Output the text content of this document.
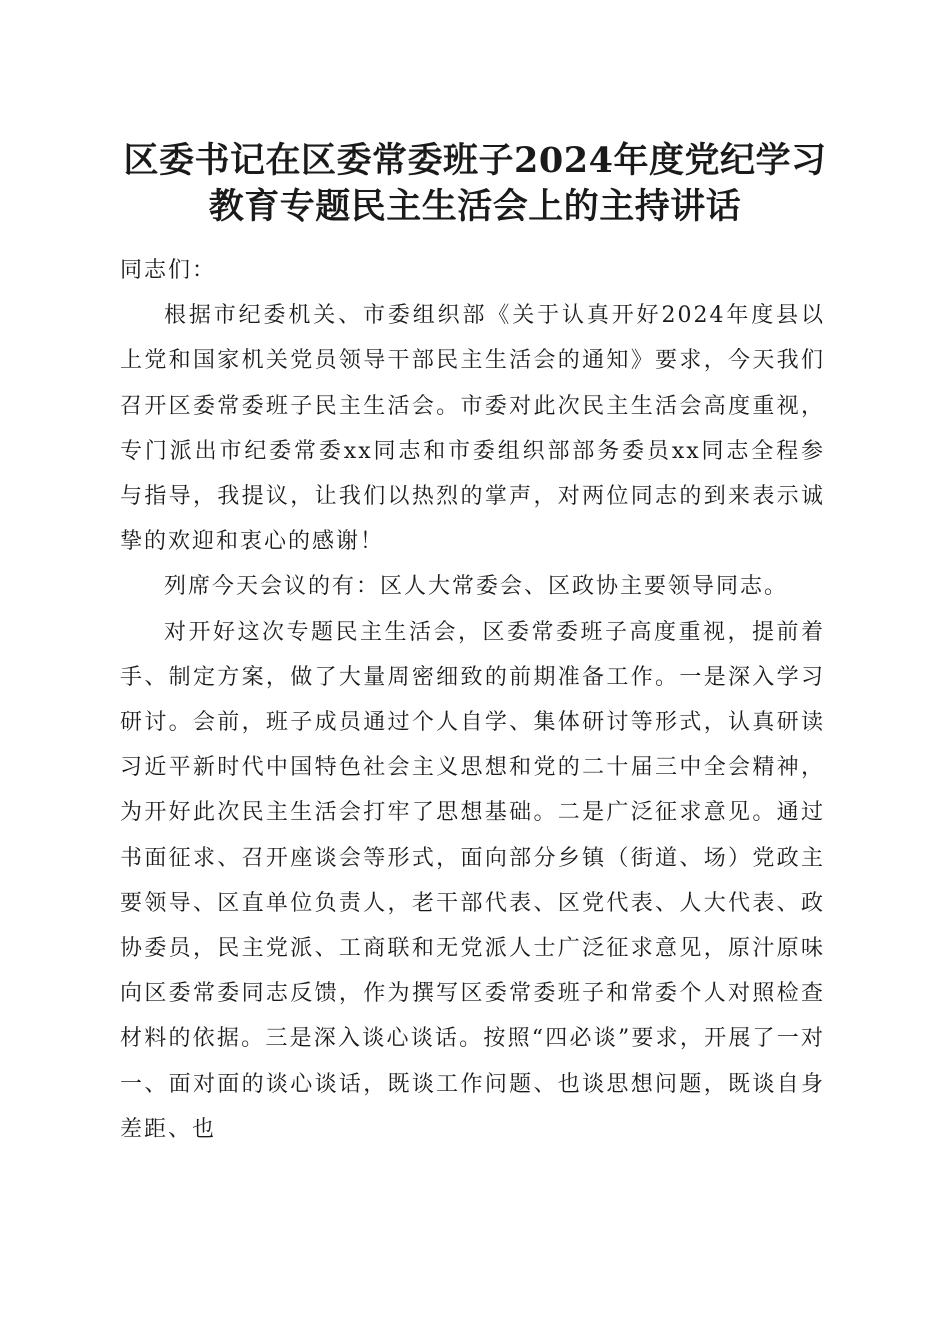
区委书记在区委常委班子2024年度党纪学习
教育专题民主生活会上的主持讲话

同志们：

根据市纪委机关、市委组织部《关于认真开好2024年度县以上党和国家机关党员领导干部民主生活会的通知》要求，今天我们召开区委常委班子民主生活会。市委对此次民主生活会高度重视，专门派出市纪委常委xx同志和市委组织部部务委员xx同志全程参与指导，我提议，让我们以热烈的掌声，对两位同志的到来表示诚挚的欢迎和衷心的感谢！

列席今天会议的有：区人大常委会、区政协主要领导同志。

对开好这次专题民主生活会，区委常委班子高度重视，提前着手、制定方案，做了大量周密细致的前期准备工作。一是深入学习研讨。会前，班子成员通过个人自学、集体研讨等形式，认真研读习近平新时代中国特色社会主义思想和党的二十届三中全会精神，为开好此次民主生活会打牢了思想基础。二是广泛征求意见。通过书面征求、召开座谈会等形式，面向部分乡镇（街道、场）党政主要领导、区直单位负责人，老干部代表、区党代表、人大代表、政协委员，民主党派、工商联和无党派人士广泛征求意见，原汁原味向区委常委同志反馈，作为撰写区委常委班子和常委个人对照检查材料的依据。三是深入谈心谈话。按照“四必谈”要求，开展了一对一、面对面的谈心谈话，既谈工作问题、也谈思想问题，既谈自身差距、也
